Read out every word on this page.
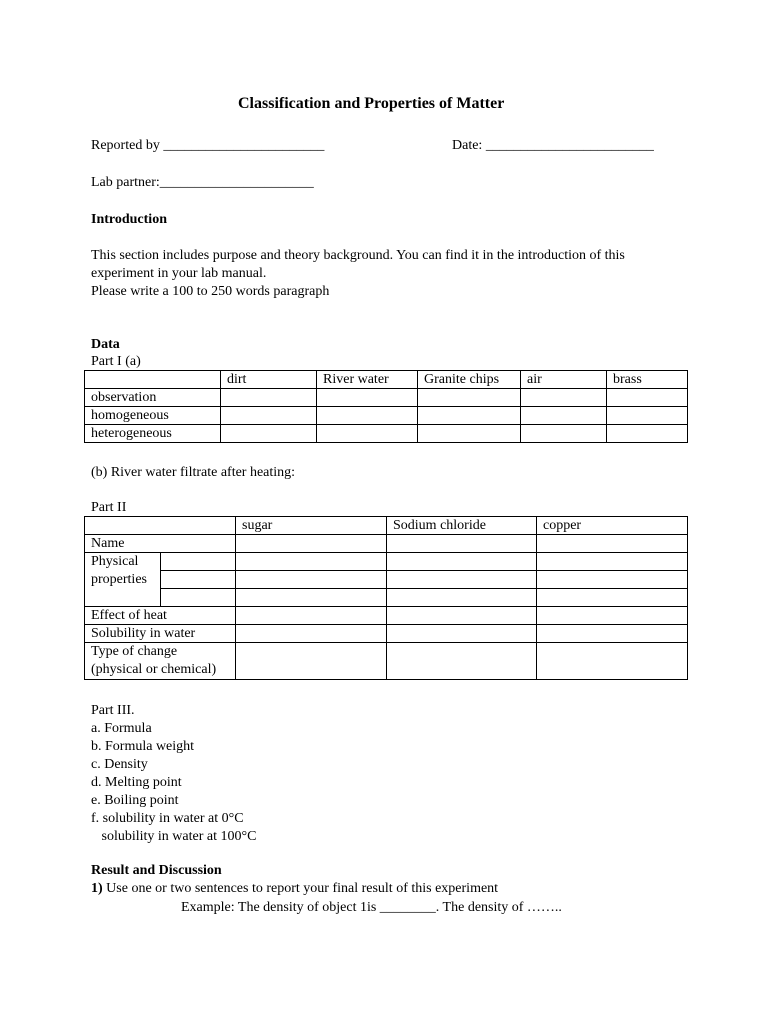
Classification and Properties of Matter
Reported by _______________________	Date: ________________________
Lab partner:______________________
Introduction
This section includes purpose and theory background. You can find it in the introduction of this
experiment in your lab manual.
Please write a 100 to 250 words paragraph
Data
Part I (a)
	dirt	River water	Granite chips	air	brass
observation					
homogeneous					
heterogeneous					
(b) River water filtrate after heating:
Part II
		sugar	Sodium chloride	copper
Name				

Physical
properties				

Effect of heat				
Solubility in water				

Type of change
(physical or chemical)				

Part III.
a. Formula
b. Formula weight
c. Density
d. Melting point
e. Boiling point
f. solubility in water at 0°C
solubility in water at 100°C
Result and Discussion
1) Use one or two sentences to report your final result of this experiment
Example: The density of object 1is ________. The density of ……..
